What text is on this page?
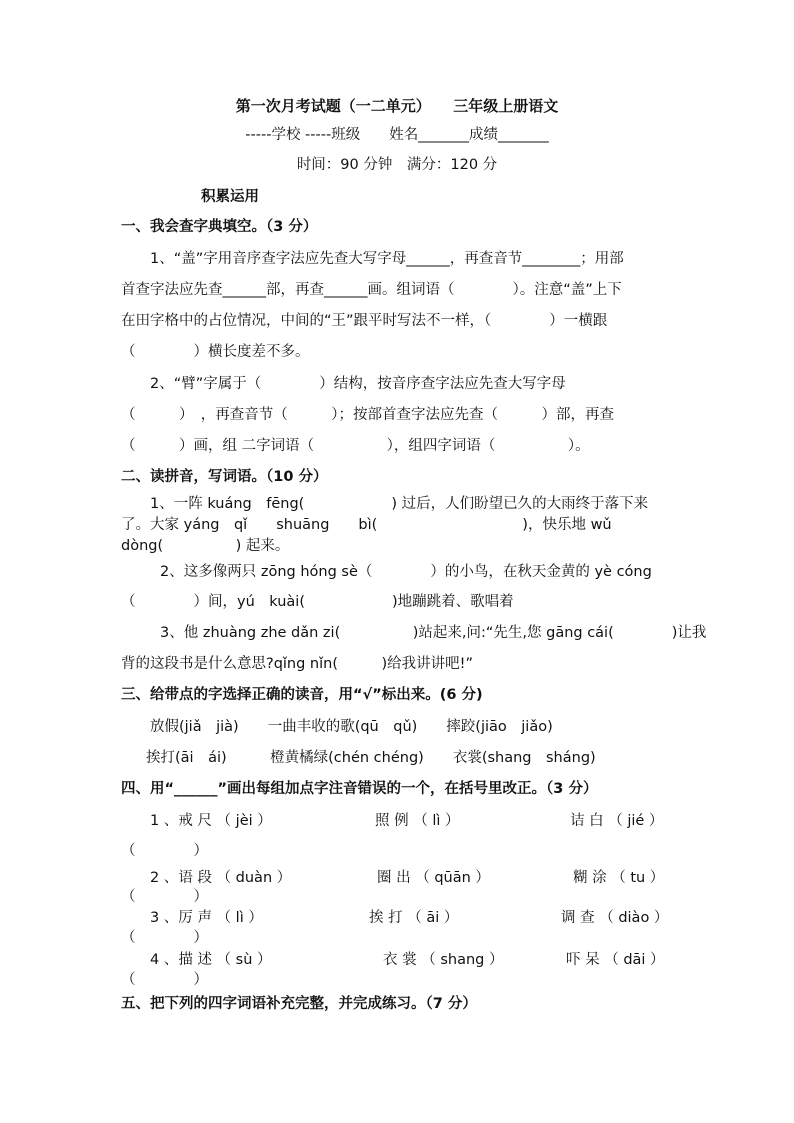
第一次月考试题（一二单元）　　三年级上册语文
-----学校 -----班级　　姓名_______成绩_______
时间：90 分钟　满分：120 分
积累运用
一、我会查字典填空。（3 分）
1、“盖”字用音序查字法应先查大写字母______，再查音节________；用部
首查字法应先查______部，再查______画。组词语（　　　　）。注意“盖”上下
在田字格中的占位情况，中间的“王”跟平时写法不一样，（　　　　）一横跟
（　　　　）横长度差不多。
2、“臂”字属于（　　　　）结构，按音序查字法应先查大写字母
（　　　）　，再查音节（　　　）；按部首查字法应先查（　　　）部，再查
（　　　）画，组 二字词语（　　　　　），组四字词语（　　　　　）。
二、读拼音，写词语。（10 分）
1、一阵 kuáng　fēng(　　　　　　) 过后，人们盼望已久的大雨终于落下来
了。大家 yáng　qǐ　　shuāng　　bì(　　　　　　　　　　)，快乐地 wǔ
dòng(　　　　　) 起来。
2、这多像两只 zōng hóng sè（　　　　）的小鸟，在秋天金黄的 yè cóng
（　　　　）间，yú　kuài(　　　　　　)地蹦跳着、歌唱着
3、他 zhuàng zhe dǎn zi(　　　　　)站起来,问:“先生,您 gāng cái(　　　　)让我
背的这段书是什么意思?qǐng nǐn(　　　)给我讲讲吧!”
三、给带点的字选择正确的读音，用“√”标出来。(6 分)
放假(jiǎ　jià)　　一曲丰收的歌(qū　qǔ)　　摔跤(jiāo　jiǎo)
挨打(āi　ái)　　　橙黄橘绿(chén chéng)　　衣裳(shang　sháng)
四、用“______”画出每组加点字注音错误的一个，在括号里改正。（3 分）
1 、戒 尺 （ jèi ）	照 例 （ lì ）	诘 白 （ jié ）
（　　　　）
2 、语 段 （ duàn ）	圈 出 （ qūān ）	糊 涂 （ tu ）
（　　　　）
3 、厉 声 （ lì ）	挨 打 （ āi ）	调 查 （ diào ）
（　　　　）
4 、描 述 （ sù ）	衣 裳 （ shang ）	吓 呆 （ dāi ）
（　　　　）
五、把下列的四字词语补充完整，并完成练习。（7 分）
